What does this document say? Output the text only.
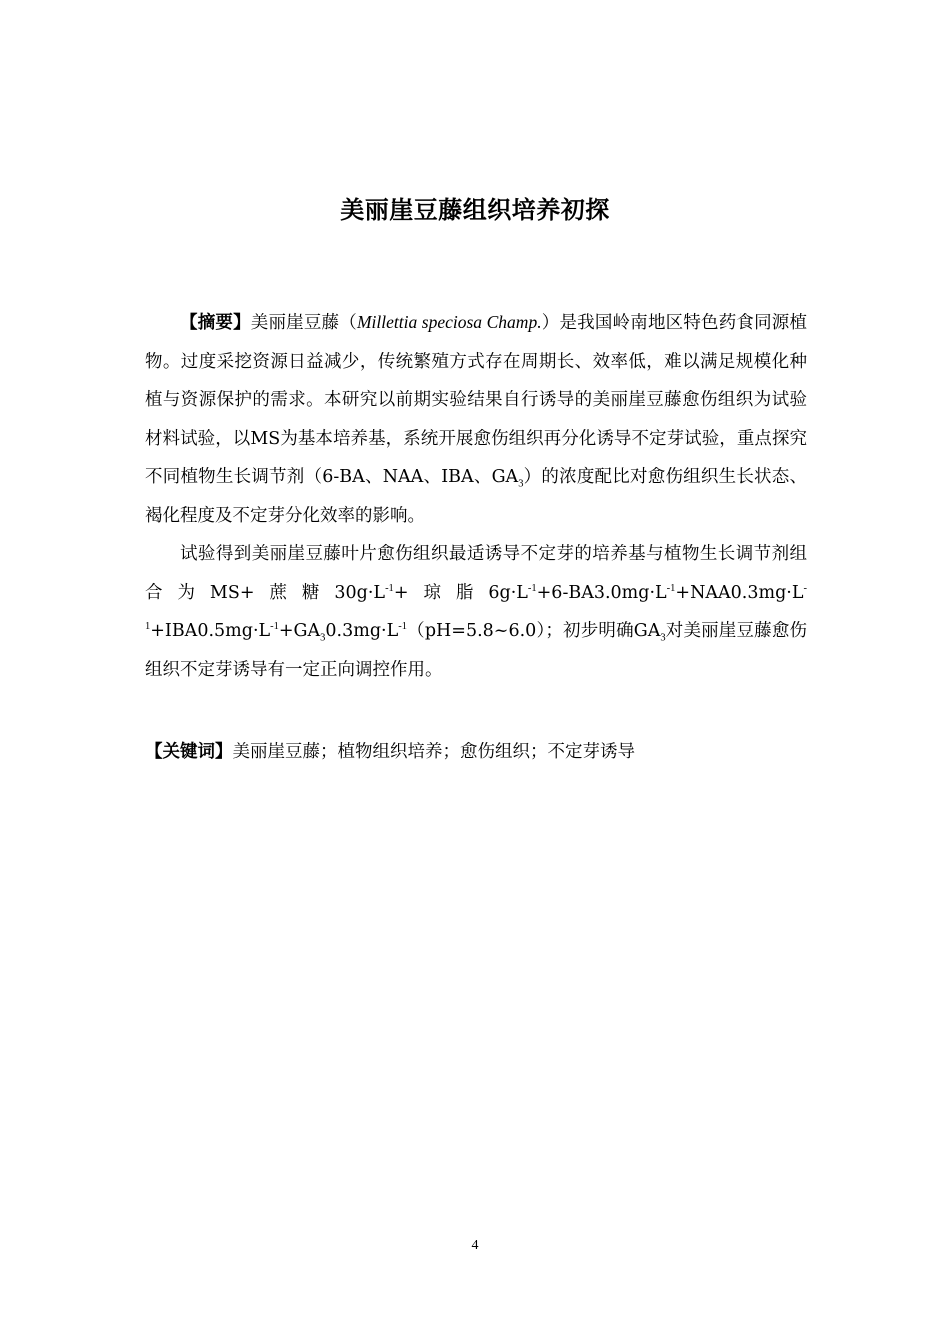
美丽崖豆藤组织培养初探

【摘要】美丽崖豆藤（Millettia speciosa Champ.）是我国岭南地区特色药食同源植物。过度采挖资源日益减少，传统繁殖方式存在周期长、效率低，难以满足规模化种植与资源保护的需求。本研究以前期实验结果自行诱导的美丽崖豆藤愈伤组织为试验材料试验，以MS为基本培养基，系统开展愈伤组织再分化诱导不定芽试验，重点探究不同植物生长调节剂（6-BA、NAA、IBA、$GA_3$）的浓度配比对愈伤组织生长状态、褐化程度及不定芽分化效率的影响。

试验得到美丽崖豆藤叶片愈伤组织最适诱导不定芽的培养基与植物生长调节剂组合为MS+蔗糖$30g\cdot L^{-1}+$琼脂$6g\cdot L^{-1}+6-BA3.0mg\cdot L^{-1}+NAA0.3mg\cdot L^{-1}+IBA0.5mg\cdot L^{-1}+GA_30.3mg\cdot L^{-1}(pH=5.8\sim 6.0)$；初步明确$GA_3$对美丽崖豆藤愈伤组织不定芽诱导有一定正向调控作用。

【关键词】美丽崖豆藤；植物组织培养；愈伤组织；不定芽诱导
4
